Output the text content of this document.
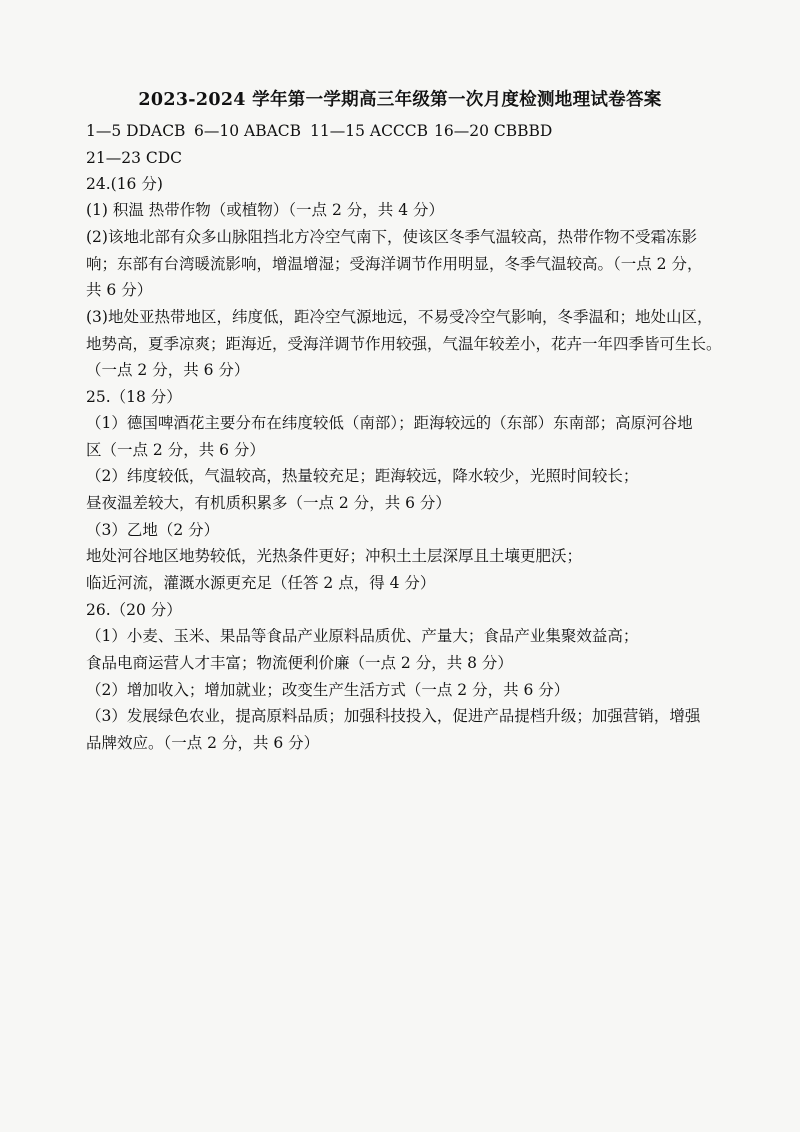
2023-2024 学年第一学期高三年级第一次月度检测地理试卷答案
1—5 DDACB 6—10 ABACB 11—15 ACCCB 16—20 CBBBD
21—23 CDC
24.(16 分)
(1) 积温 热带作物（或植物）（一点 2 分，共 4 分）
(2)该地北部有众多山脉阻挡北方冷空气南下，使该区冬季气温较高，热带作物不受霜冻影
响；东部有台湾暖流影响，增温增湿；受海洋调节作用明显，冬季气温较高。（一点 2 分，
共 6 分）
(3)地处亚热带地区，纬度低，距冷空气源地远，不易受冷空气影响，冬季温和；地处山区，
地势高，夏季凉爽；距海近，受海洋调节作用较强，气温年较差小，花卉一年四季皆可生长。
（一点 2 分，共 6 分）
25.（18 分）
（1）德国啤酒花主要分布在纬度较低（南部）；距海较远的（东部）东南部；高原河谷地
区（一点 2 分，共 6 分）
（2）纬度较低，气温较高，热量较充足；距海较远，降水较少，光照时间较长；
昼夜温差较大，有机质积累多（一点 2 分，共 6 分）
（3）乙地（2 分）
地处河谷地区地势较低，光热条件更好；冲积土土层深厚且土壤更肥沃；
临近河流，灌溉水源更充足（任答 2 点，得 4 分）
26.（20 分）
（1）小麦、玉米、果品等食品产业原料品质优、产量大；食品产业集聚效益高；
食品电商运营人才丰富；物流便利价廉（一点 2 分，共 8 分）
（2）增加收入；增加就业；改变生产生活方式（一点 2 分，共 6 分）
（3）发展绿色农业，提高原料品质；加强科技投入，促进产品提档升级；加强营销，增强
品牌效应。（一点 2 分，共 6 分）
